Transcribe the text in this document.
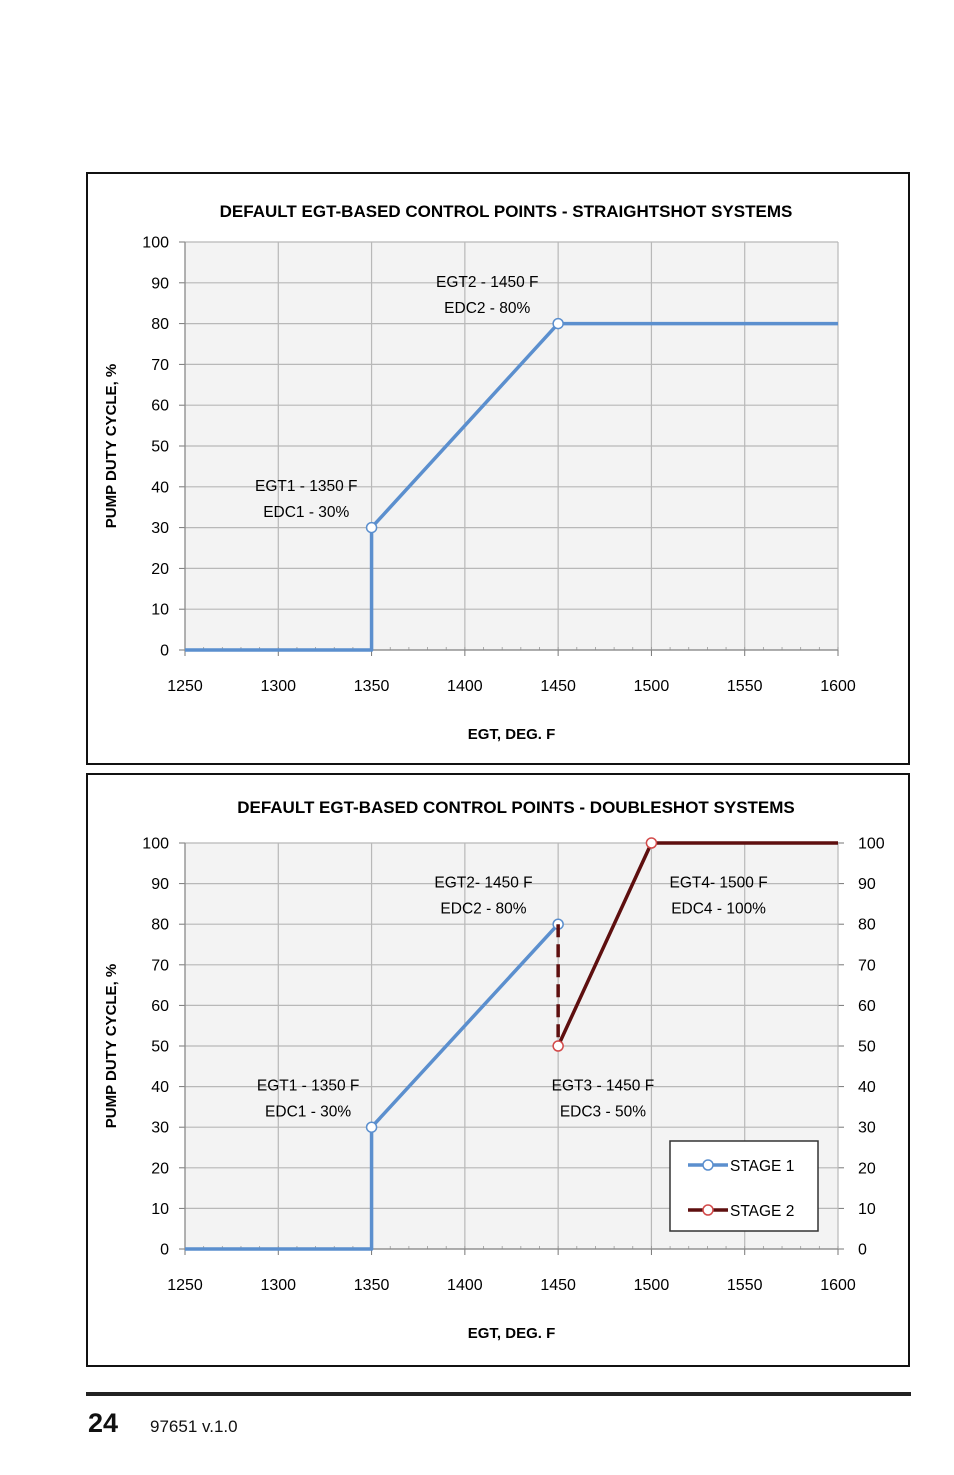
0
10
20
30
40
50
60
70
80
90
100
1250	1300	1350	1400	1450	1500	1550	1600
DEFAULT EGT-BASED CONTROL POINTS - STRAIGHTSHOT SYSTEMS
EGT, DEG. F
PUMP DUTY CYCLE, %	EGT1 - 1350 F
EDC1 - 30%
EGT2 - 1450 F
EDC2 - 80%
0
10
20
30
40
50
60
70
80
90
100
0
10
20
30
40
50
60
70
80
90
100
1250	1300	1350	1400	1450	1500	1550	1600
DEFAULT EGT-BASED CONTROL POINTS - DOUBLESHOT SYSTEMS
EGT, DEG. F
PUMP DUTY CYCLE, %	EGT1 - 1350 F
EDC1 - 30%
EGT2- 1450 F
EDC2 - 80%
EGT3 - 1450 F
EDC3 - 50%
EGT4- 1500 F
EDC4 - 100%
STAGE 1
STAGE 2
24 97651 v.1.0
